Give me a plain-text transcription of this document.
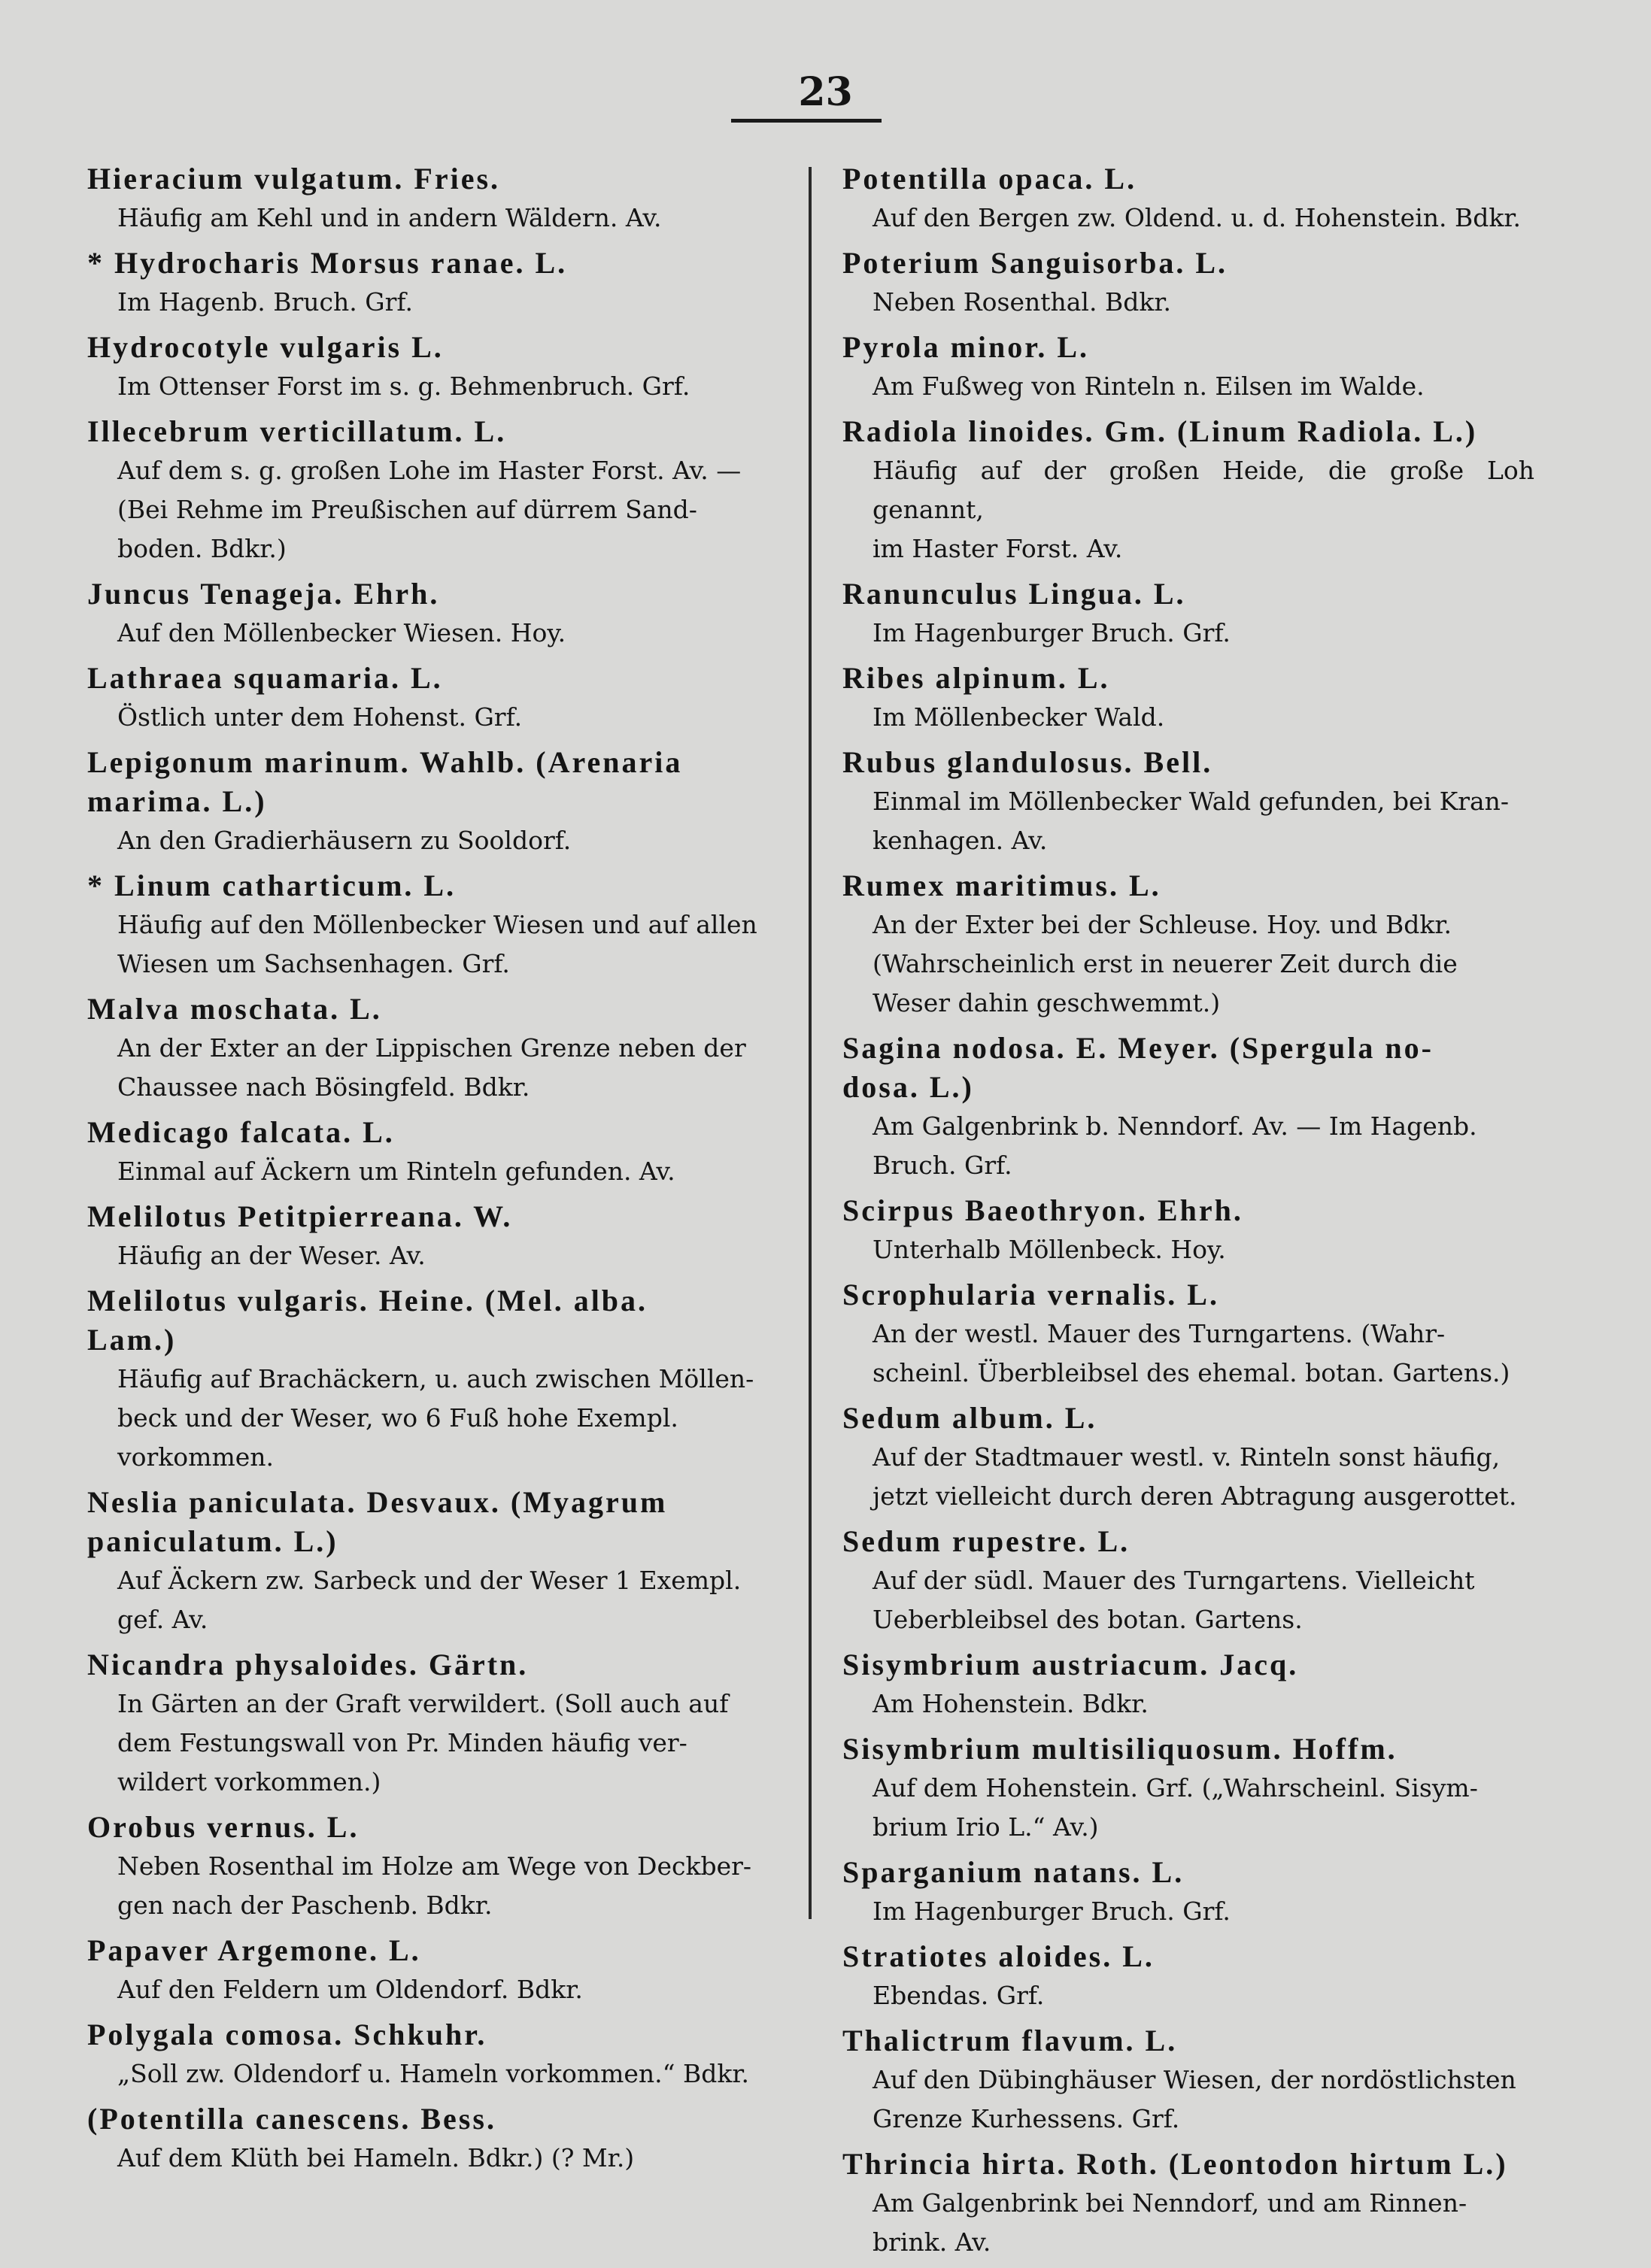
23
Hieracium vulgatum. Fries.
Häufig am Kehl und in andern Wäldern. Av.
* Hydrocharis Morsus ranae. L.
Im Hagenb. Bruch. Grf.
Hydrocotyle vulgaris L.
Im Ottenser Forst im s. g. Behmenbruch. Grf.
Illecebrum verticillatum. L.
Auf dem s. g. großen Lohe im Haster Forst. Av. —
(Bei Rehme im Preußischen auf dürrem Sand-
boden. Bdkr.)
Juncus Tenageja. Ehrh.
Auf den Möllenbecker Wiesen. Hoy.
Lathraea squamaria. L.
Östlich unter dem Hohenst. Grf.
Lepigonum marinum. Wahlb. (Arenaria
marima. L.)
An den Gradierhäusern zu Sooldorf.
* Linum catharticum. L.
Häufig auf den Möllenbecker Wiesen und auf allen
Wiesen um Sachsenhagen. Grf.
Malva moschata. L.
An der Exter an der Lippischen Grenze neben der
Chaussee nach Bösingfeld. Bdkr.
Medicago falcata. L.
Einmal auf Äckern um Rinteln gefunden. Av.
Melilotus Petitpierreana. W.
Häufig an der Weser. Av.
Melilotus vulgaris. Heine. (Mel. alba.
Lam.)
Häufig auf Brachäckern, u. auch zwischen Möllen-
beck und der Weser, wo 6 Fuß hohe Exempl.
vorkommen.
Neslia paniculata. Desvaux. (Myagrum
paniculatum. L.)
Auf Äckern zw. Sarbeck und der Weser 1 Exempl.
gef. Av.
Nicandra physaloides. Gärtn.
In Gärten an der Graft verwildert. (Soll auch auf
dem Festungswall von Pr. Minden häufig ver-
wildert vorkommen.)
Orobus vernus. L.
Neben Rosenthal im Holze am Wege von Deckber-
gen nach der Paschenb. Bdkr.
Papaver Argemone. L.
Auf den Feldern um Oldendorf. Bdkr.
Polygala comosa. Schkuhr.
„Soll zw. Oldendorf u. Hameln vorkommen.“ Bdkr.
(Potentilla canescens. Bess.
Auf dem Klüth bei Hameln. Bdkr.) (? Mr.)
Potentilla opaca. L.
Auf den Bergen zw. Oldend. u. d. Hohenstein. Bdkr.
Poterium Sanguisorba. L.
Neben Rosenthal. Bdkr.
Pyrola minor. L.
Am Fußweg von Rinteln n. Eilsen im Walde.
Radiola linoides. Gm. (Linum Radiola. L.)
Häufig auf der großen Heide, die große Loh genannt,
im Haster Forst. Av.
Ranunculus Lingua. L.
Im Hagenburger Bruch. Grf.
Ribes alpinum. L.
Im Möllenbecker Wald.
Rubus glandulosus. Bell.
Einmal im Möllenbecker Wald gefunden, bei Kran-
kenhagen. Av.
Rumex maritimus. L.
An der Exter bei der Schleuse. Hoy. und Bdkr.
(Wahrscheinlich erst in neuerer Zeit durch die
Weser dahin geschwemmt.)
Sagina nodosa. E. Meyer. (Spergula no-
dosa. L.)
Am Galgenbrink b. Nenndorf. Av. — Im Hagenb.
Bruch. Grf.
Scirpus Baeothryon. Ehrh.
Unterhalb Möllenbeck. Hoy.
Scrophularia vernalis. L.
An der westl. Mauer des Turngartens. (Wahr-
scheinl. Überbleibsel des ehemal. botan. Gartens.)
Sedum album. L.
Auf der Stadtmauer westl. v. Rinteln sonst häufig,
jetzt vielleicht durch deren Abtragung ausgerottet.
Sedum rupestre. L.
Auf der südl. Mauer des Turngartens. Vielleicht
Ueberbleibsel des botan. Gartens.
Sisymbrium austriacum. Jacq.
Am Hohenstein. Bdkr.
Sisymbrium multisiliquosum. Hoffm.
Auf dem Hohenstein. Grf. („Wahrscheinl. Sisym-
brium Irio L.“ Av.)
Sparganium natans. L.
Im Hagenburger Bruch. Grf.
Stratiotes aloides. L.
Ebendas. Grf.
Thalictrum flavum. L.
Auf den Dübinghäuser Wiesen, der nordöstlichsten
Grenze Kurhessens. Grf.
Thrincia hirta. Roth. (Leontodon hirtum L.)
Am Galgenbrink bei Nenndorf, und am Rinnen-
brink. Av.
